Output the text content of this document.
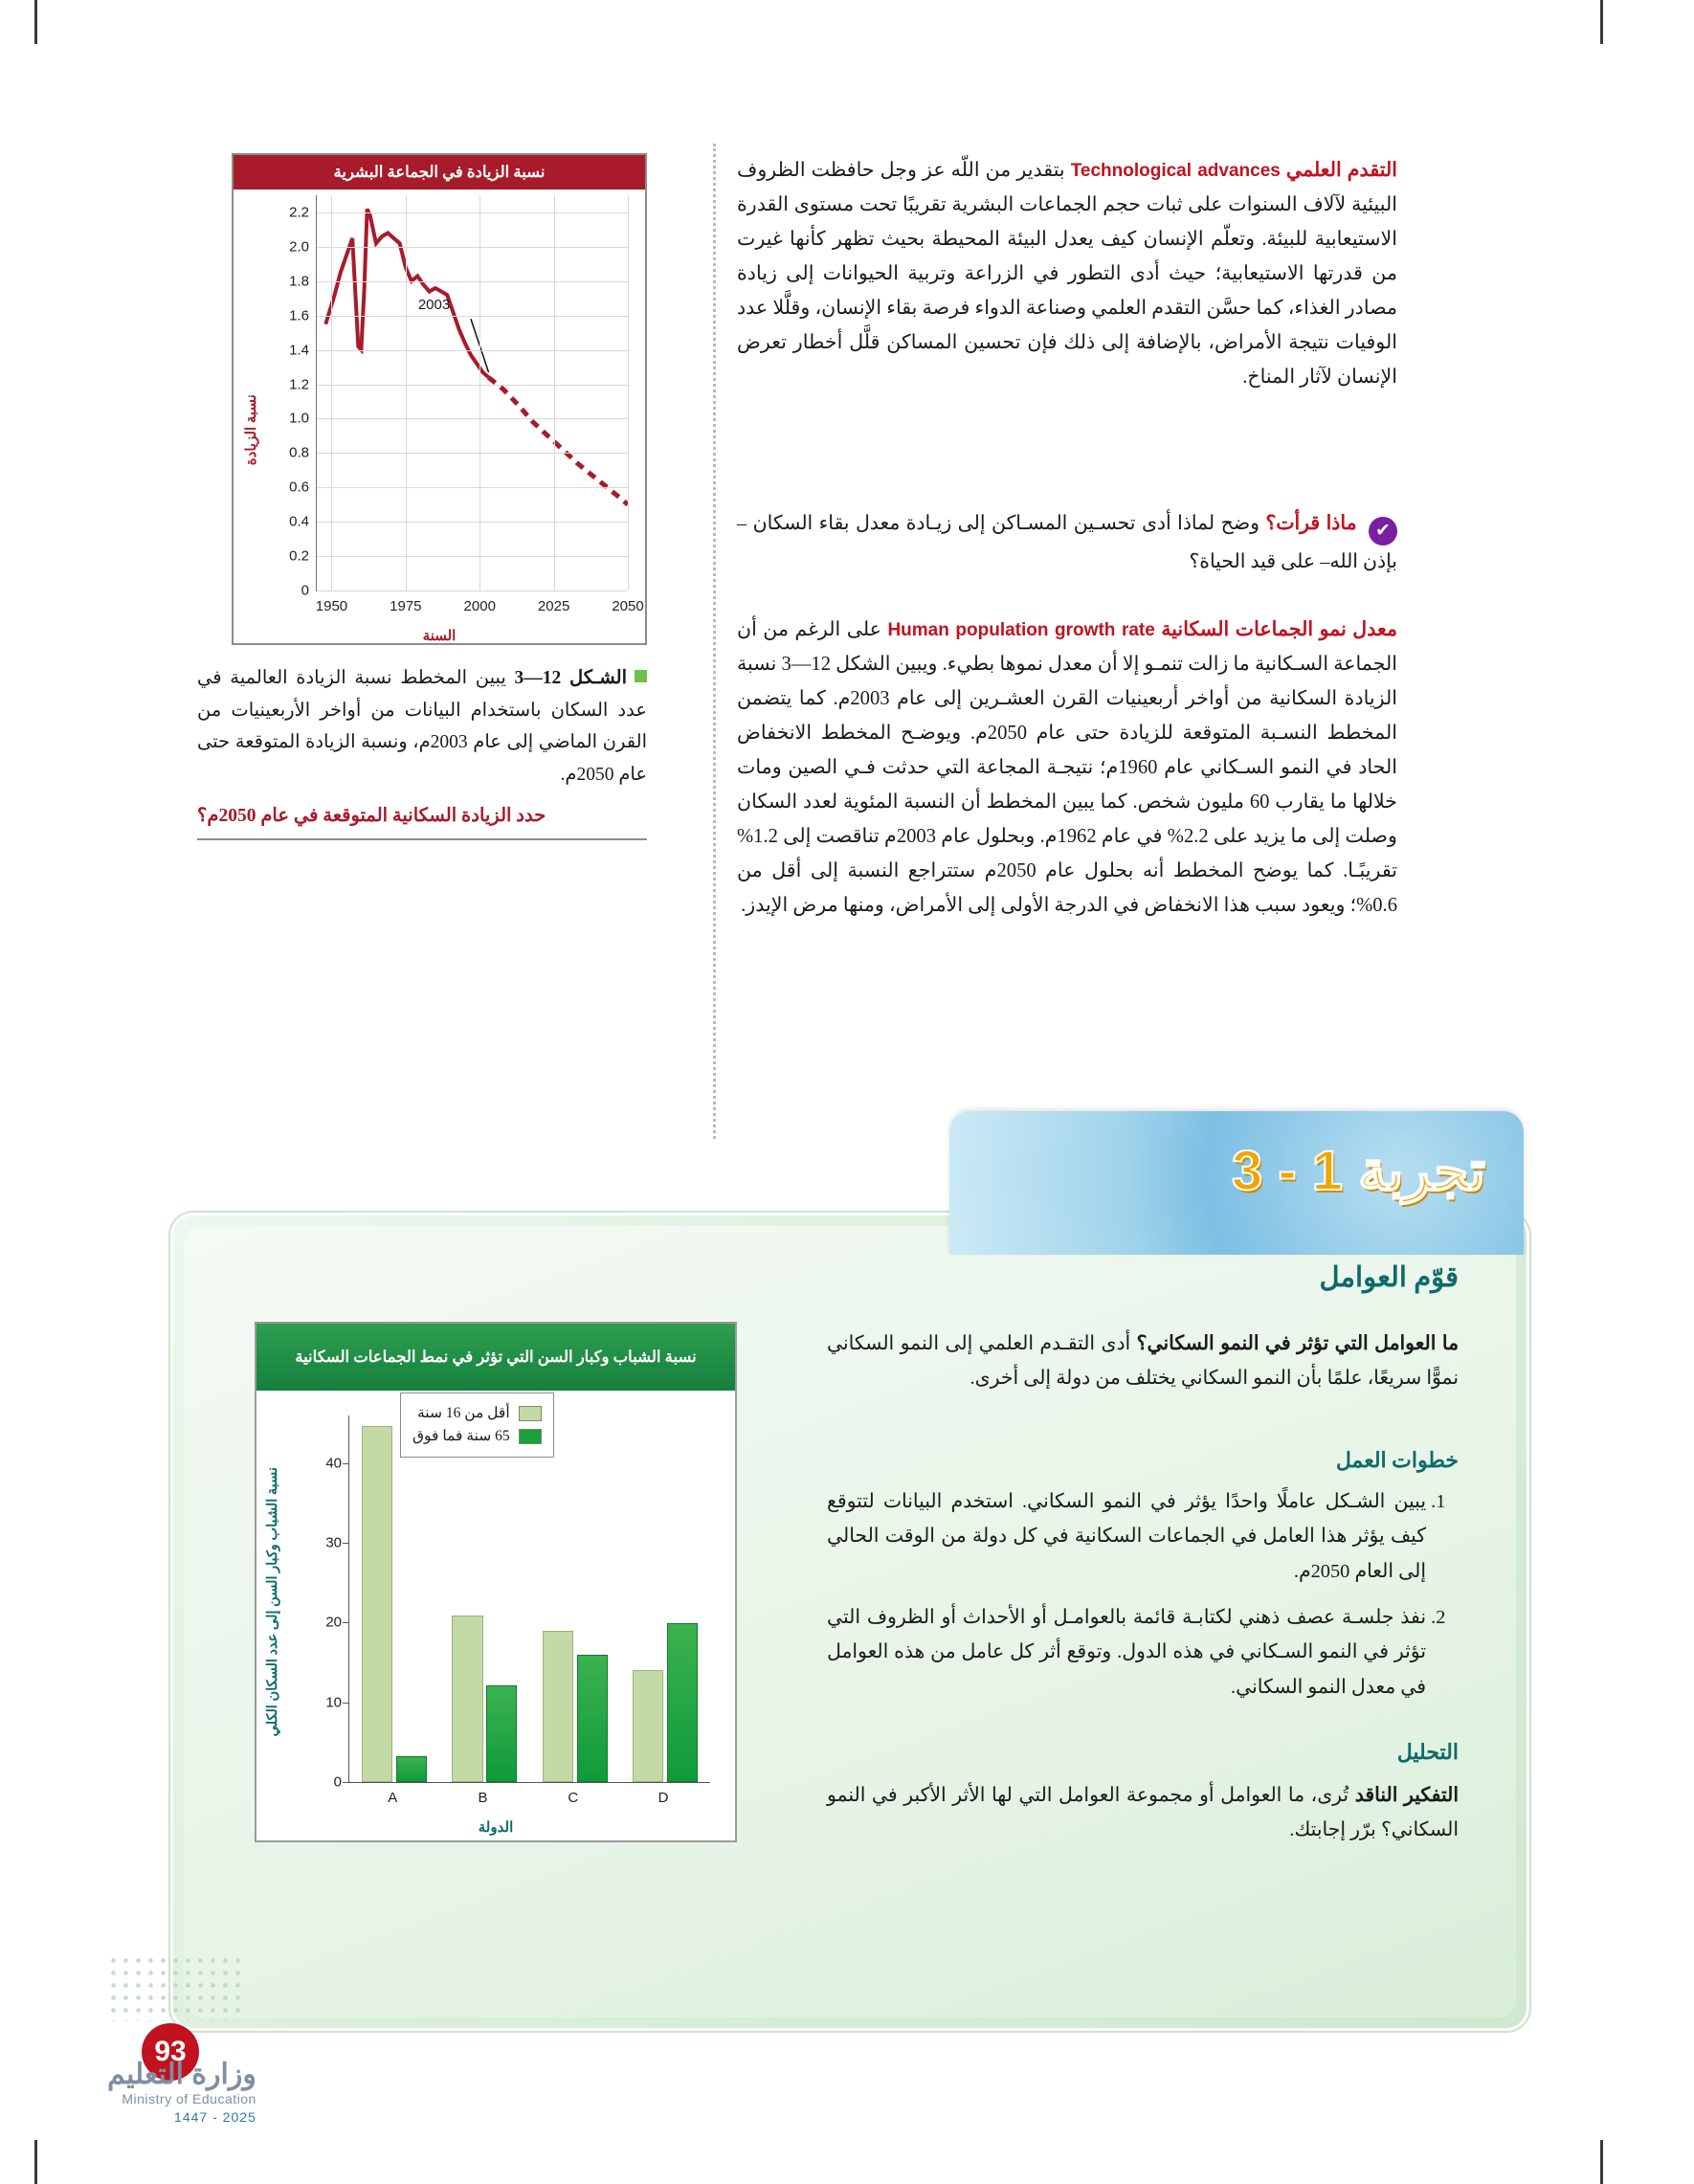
التقدم العلمي Technological advances بتقدير من اللّه عز وجل حافظت الظروف البيئية لآلاف السنوات على ثبات حجم الجماعات البشرية تقريبًا تحت مستوى القدرة الاستيعابية للبيئة. وتعلّم الإنسان كيف يعدل البيئة المحيطة بحيث تظهر كأنها غيرت من قدرتها الاستيعابية؛ حيث أدى التطور في الزراعة وتربية الحيوانات إلى زيادة مصادر الغذاء، كما حسَّن التقدم العلمي وصناعة الدواء فرصة بقاء الإنسان، وقلَّلا عدد الوفيات نتيجة الأمراض، بالإضافة إلى ذلك فإن تحسين المساكن قلَّل أخطار تعرض الإنسان لآثار المناخ.
✔ ماذا قرأت؟ وضح لماذا أدى تحسـين المسـاكن إلى زيـادة معدل بقاء السكان –بإذن الله– على قيد الحياة؟
معدل نمو الجماعات السكانية Human population growth rate على الرغم من أن الجماعة السـكانية ما زالت تنمـو إلا أن معدل نموها بطيء. ويبين الشكل 12—3 نسبة الزيادة السكانية من أواخر أربعينيات القرن العشـرين إلى عام 2003م. كما يتضمن المخطط النسـبة المتوقعة للزيادة حتى عام 2050م. ويوضـح المخطط الانخفاض الحاد في النمو السـكاني عام 1960م؛ نتيجـة المجاعة التي حدثت فـي الصين ومات خلالها ما يقارب 60 مليون شخص. كما يبين المخطط أن النسبة المئوية لعدد السكان وصلت إلى ما يزيد على 2.2% في عام 1962م. وبحلول عام 2003م تناقصت إلى 1.2% تقريبًـا. كما يوضح المخطط أنه بحلول عام 2050م ستتراجع النسبة إلى أقل من 0.6%؛ ويعود سبب هذا الانخفاض في الدرجة الأولى إلى الأمراض، ومنها مرض الإيدز.
نسبة الزيادة في الجماعة البشرية
نسبة الزيادة
السنة
0
0.2
0.4
0.6
0.8
1.0
1.2
1.4
1.6
1.8
2.0
2.2
1950	1975	2000	2025	2050
2003
الشـكل 12—3 يبين المخطط نسبة الزيادة العالمية في عدد السكان باستخدام البيانات من أواخر الأربعينيات من القرن الماضي إلى عام 2003م، ونسبة الزيادة المتوقعة حتى عام 2050م.
حدد الزيادة السكانية المتوقعة في عام 2050م؟
تجربة 1 - 3
قوّم العوامل
ما العوامل التي تؤثر في النمو السكاني؟ أدى التقـدم العلمي إلى النمو السكاني نموًّا سريعًا، علمًا بأن النمو السكاني يختلف من دولة إلى أخرى.
خطوات العمل
1. يبين الشـكل عاملًا واحدًا يؤثر في النمو السكاني. استخدم البيانات لتتوقع كيف يؤثر هذا العامل في الجماعات السكانية في كل دولة من الوقت الحالي إلى العام 2050م.
2. نفذ جلسـة عصف ذهني لكتابـة قائمة بالعوامـل أو الأحداث أو الظروف التي تؤثر في النمو السـكاني في هذه الدول. وتوقع أثر كل عامل من هذه العوامل في معدل النمو السكاني.
التحليل
التفكير الناقد تُرى، ما العوامل أو مجموعة العوامل التي لها الأثر الأكبر في النمو السكاني؟ برّر إجابتك.
نسبة الشباب وكبار السن التي تؤثر في نمط الجماعات السكانية
نسبة الشباب وكبار السن إلى عدد السكان الكلي
الدولة
0
10
20
30
40
A	B	C	D
أقل من 16 سنة
65 سنة فما فوق
93
وزارة التعليم
Ministry of Education
2025 - 1447
